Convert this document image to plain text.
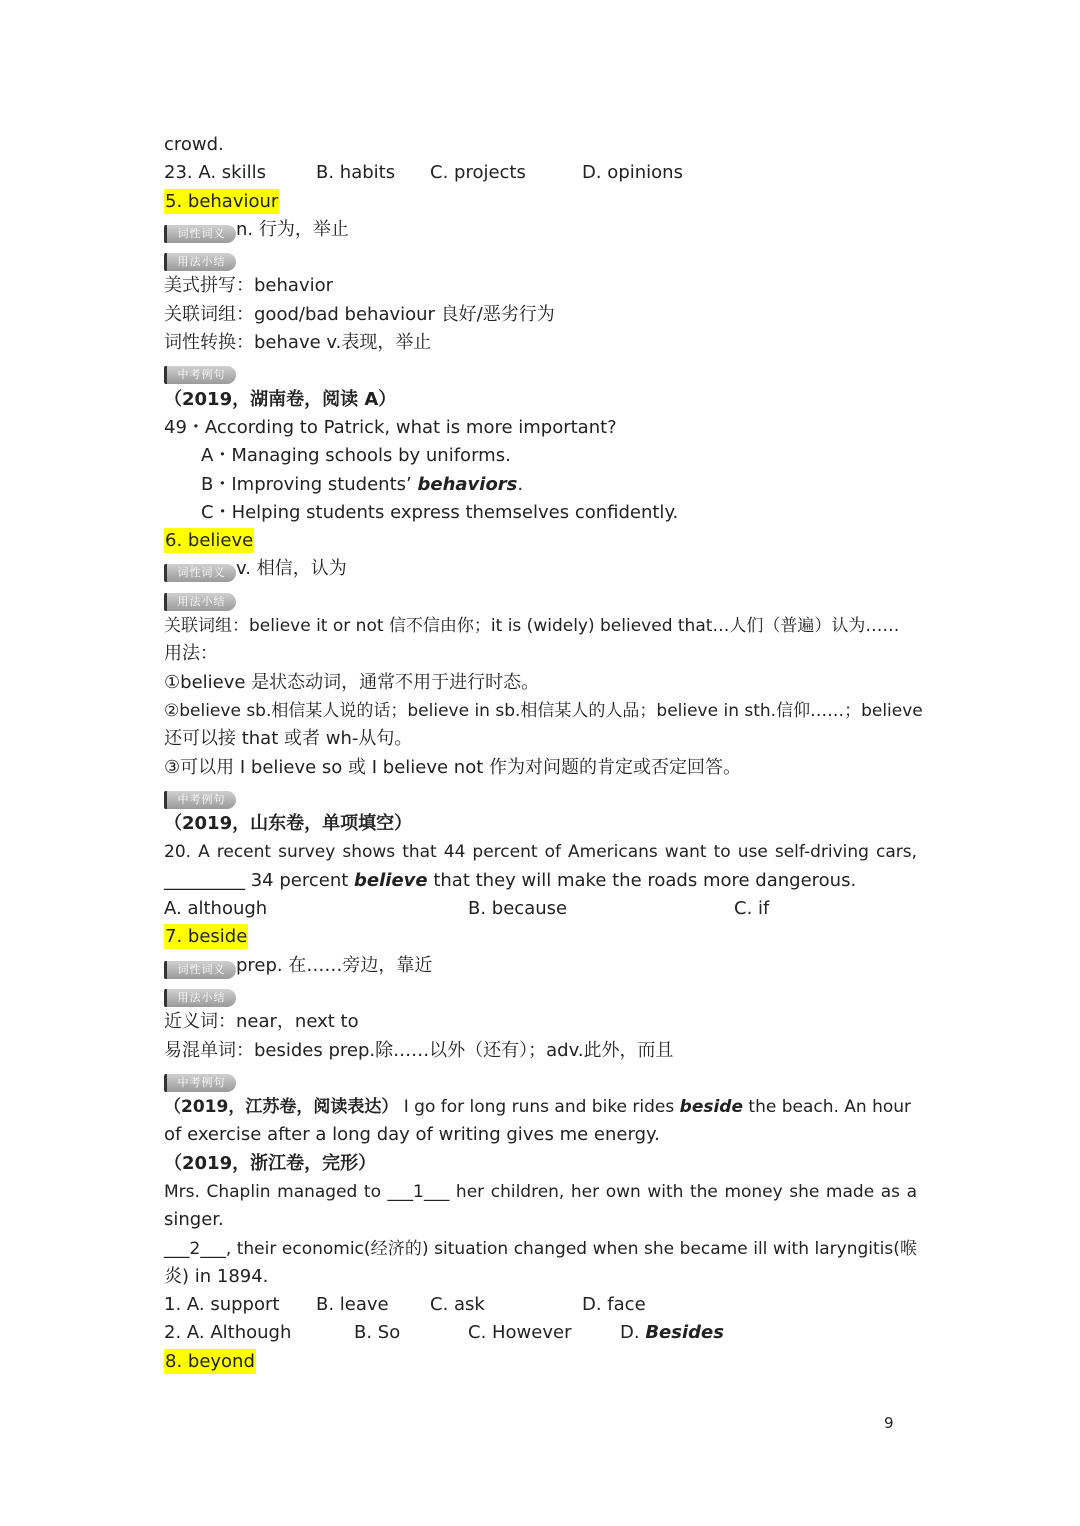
crowd.
23. A. skills	B. habits C. projects	D. opinions
5. behaviour
词性词义 n. 行为，举止
用法小结
美式拼写：behavior
关联词组：good/bad behaviour 良好/恶劣行为
词性转换：behave v.表现，举止
中考例句
（2019，湖南卷，阅读 A）
49・According to Patrick, what is more important?
A・Managing schools by uniforms.
B・Improving students’ behaviors.
C・Helping students express themselves confidently.
6. believe
词性词义 v. 相信，认为
用法小结
关联词组：believe it or not 信不信由你；it is (widely) believed that…人们（普遍）认为……
用法：
①believe 是状态动词，通常不用于进行时态。
②believe sb.相信某人说的话；believe in sb.相信某人的人品；believe in sth.信仰……；believe
还可以接 that 或者 wh-从句。
③可以用 I believe so 或 I believe not 作为对问题的肯定或否定回答。
中考例句
（2019，山东卷，单项填空）
20. A recent survey shows that 44 percent of Americans want to use self-driving cars,
_________ 34 percent believe that they will make the roads more dangerous.
A. although	B. because	C. if
7. beside
词性词义 prep. 在……旁边，靠近
用法小结
近义词：near，next to
易混单词：besides prep.除……以外（还有）；adv.此外，而且
中考例句
（2019，江苏卷，阅读表达） I go for long runs and bike rides beside the beach. An hour
of exercise after a long day of writing gives me energy.
（2019，浙江卷，完形）
Mrs. Chaplin managed to ___1___ her children, her own with the money she made as a
singer.
___2___, their economic(经济的) situation changed when she became ill with laryngitis(喉
炎) in 1894.
1. A. support B. leave C. ask	D. face
2. A. Although	B. So	C. However	D. Besides
8. beyond
9
